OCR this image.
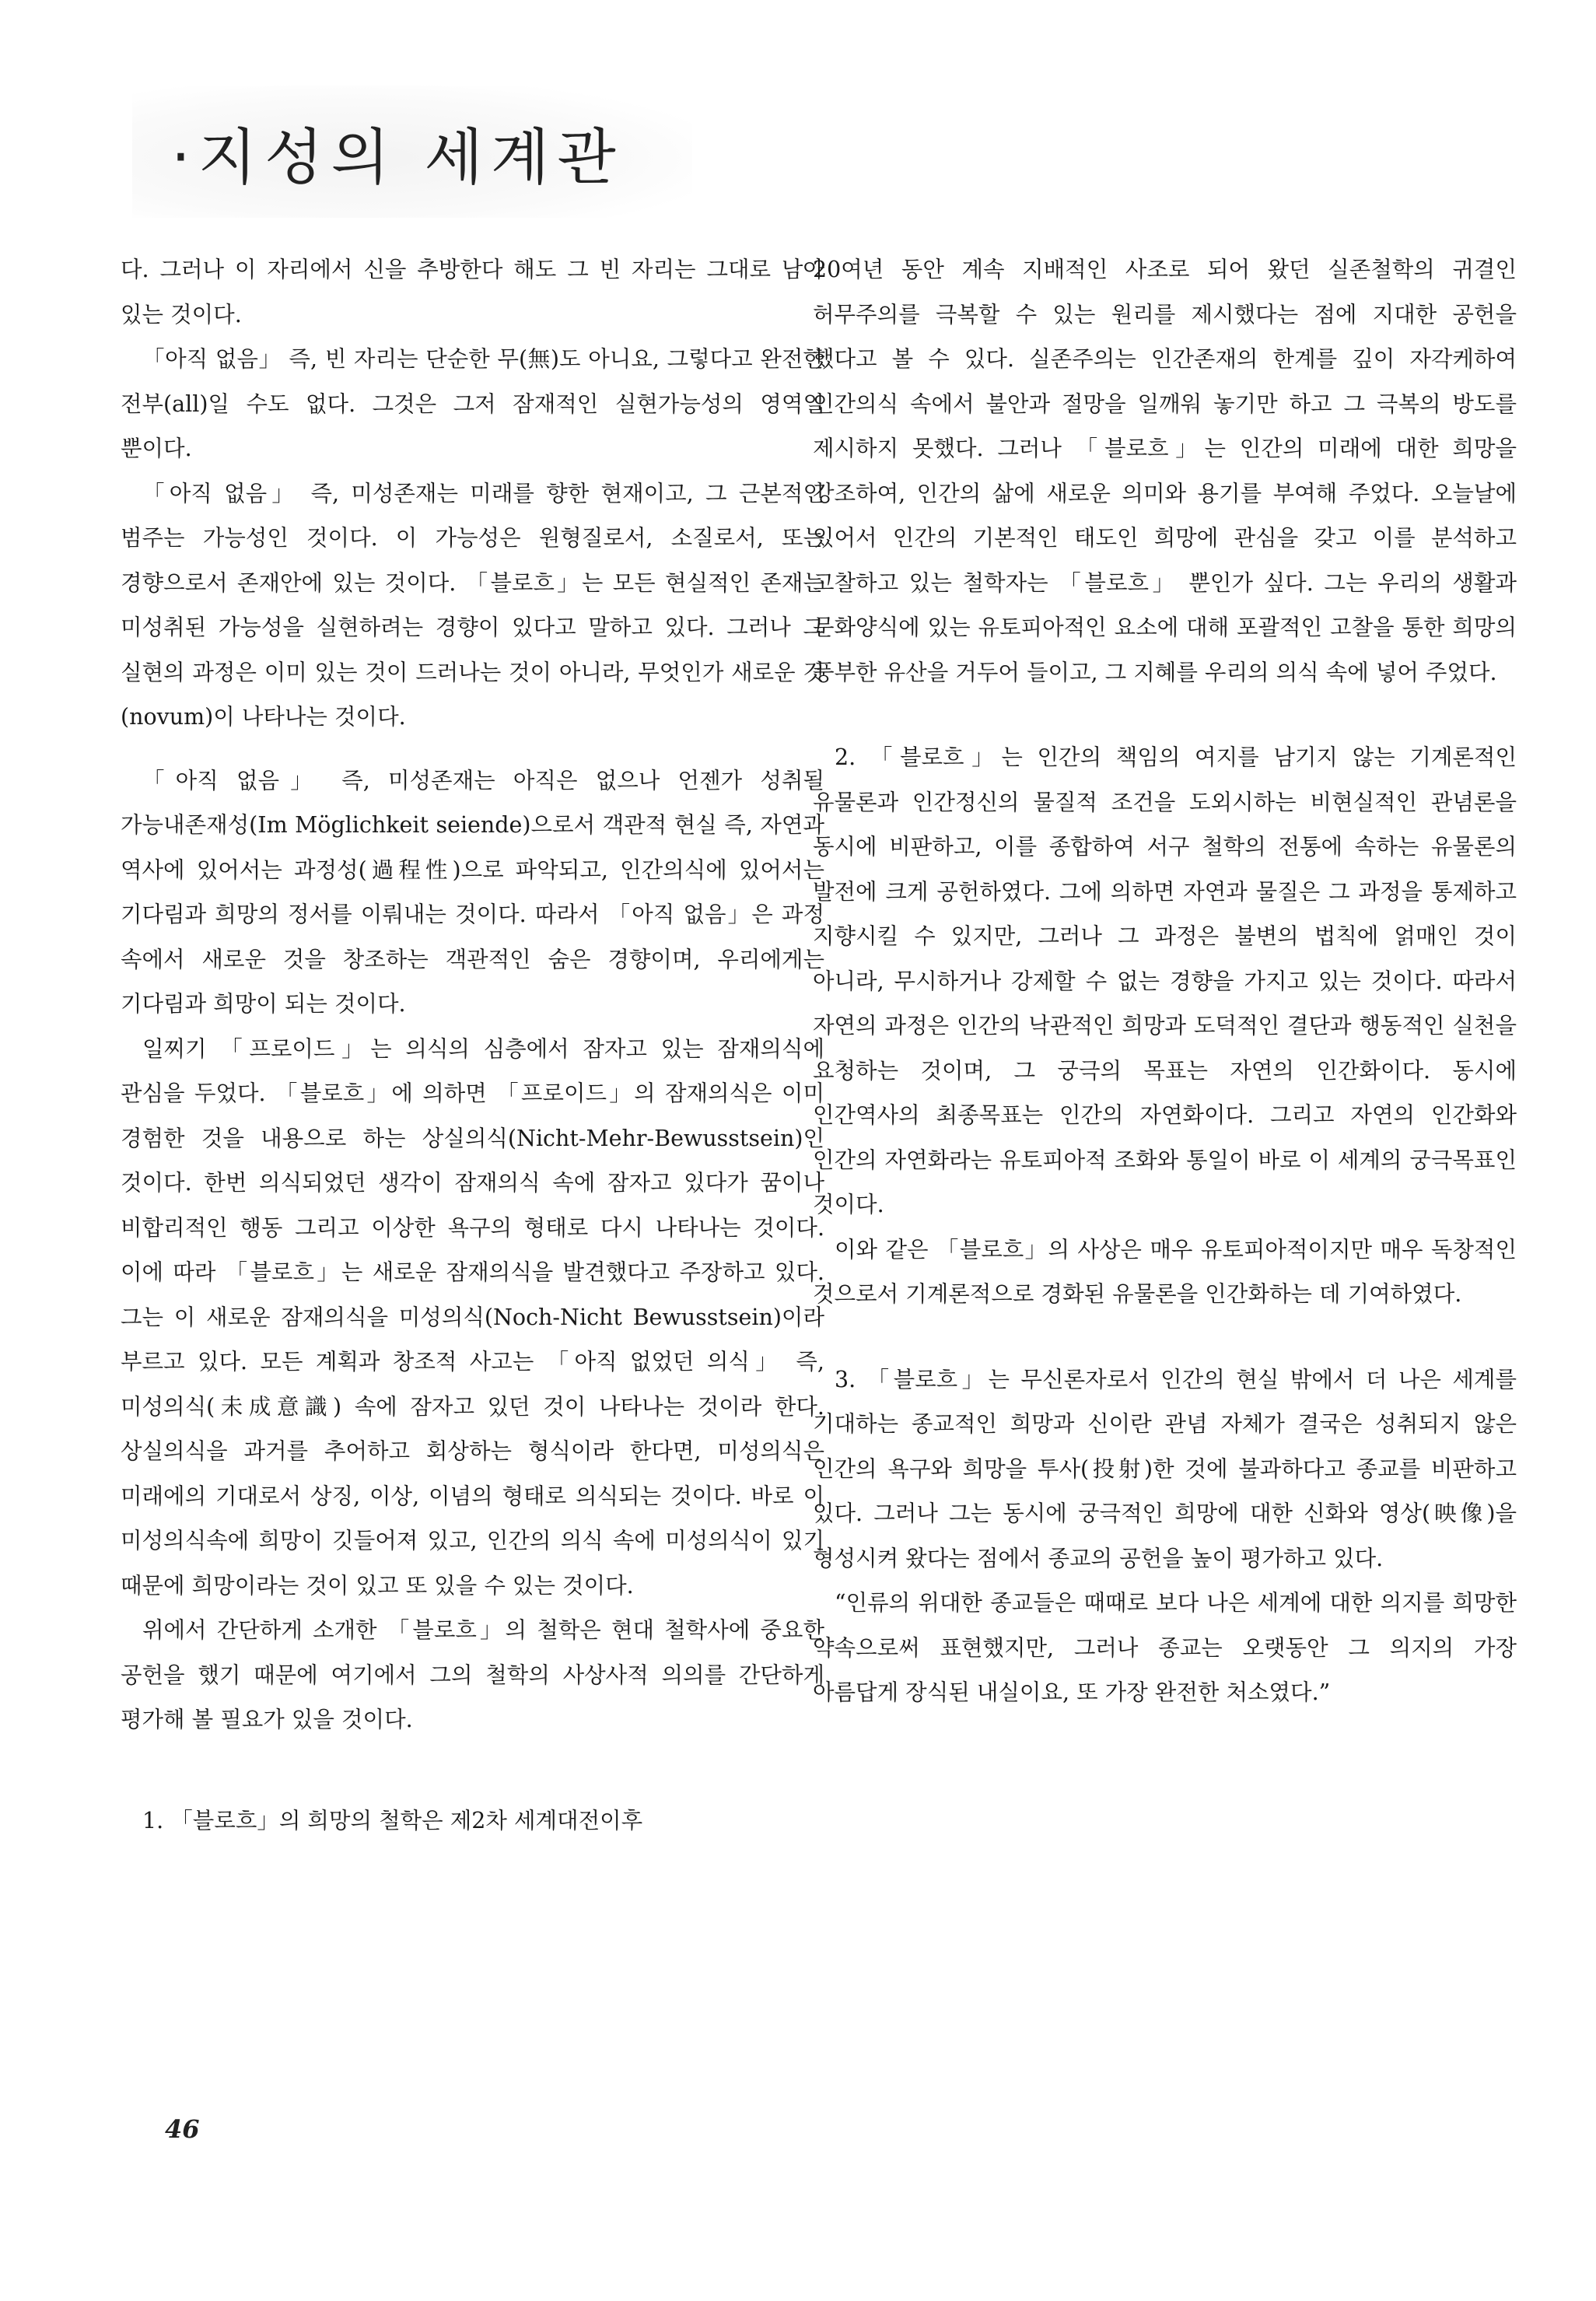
·지성의 세계관

다. 그러나 이 자리에서 신을 추방한다 해도 그 빈 자리는 그대로 남아 있는 것이다.

「아직 없음」 즉, 빈 자리는 단순한 무(無)도 아니요, 그렇다고 완전한 전부(all)일 수도 없다. 그것은 그저 잠재적인 실현가능성의 영역일 뿐이다.

「아직 없음」 즉, 미성존재는 미래를 향한 현재이고, 그 근본적인 범주는 가능성인 것이다. 이 가능성은 원형질로서, 소질로서, 또는 경향으로서 존재안에 있는 것이다. 「블로흐」는 모든 현실적인 존재는 미성취된 가능성을 실현하려는 경향이 있다고 말하고 있다. 그러나 그 실현의 과정은 이미 있는 것이 드러나는 것이 아니라, 무엇인가 새로운 것(novum)이 나타나는 것이다.

「아직 없음」 즉, 미성존재는 아직은 없으나 언젠가 성취될 가능내존재성(Im Möglichkeit seiende)으로서 객관적 현실 즉, 자연과 역사에 있어서는 과정성(過程性)으로 파악되고, 인간의식에 있어서는 기다림과 희망의 정서를 이뤄내는 것이다. 따라서 「아직 없음」은 과정 속에서 새로운 것을 창조하는 객관적인 숨은 경향이며, 우리에게는 기다림과 희망이 되는 것이다.

일찌기 「프로이드」는 의식의 심층에서 잠자고 있는 잠재의식에 관심을 두었다. 「블로흐」에 의하면 「프로이드」의 잠재의식은 이미 경험한 것을 내용으로 하는 상실의식(Nicht-Mehr-Bewusstsein)인 것이다. 한번 의식되었던 생각이 잠재의식 속에 잠자고 있다가 꿈이나 비합리적인 행동 그리고 이상한 욕구의 형태로 다시 나타나는 것이다. 이에 따라 「블로흐」는 새로운 잠재의식을 발견했다고 주장하고 있다. 그는 이 새로운 잠재의식을 미성의식(Noch-Nicht Bewusstsein)이라 부르고 있다. 모든 계획과 창조적 사고는 「아직 없었던 의식」 즉, 미성의식(未成意識) 속에 잠자고 있던 것이 나타나는 것이라 한다. 상실의식을 과거를 추어하고 회상하는 형식이라 한다면, 미성의식은 미래에의 기대로서 상징, 이상, 이념의 형태로 의식되는 것이다. 바로 이 미성의식속에 희망이 깃들어져 있고, 인간의 의식 속에 미성의식이 있기 때문에 희망이라는 것이 있고 또 있을 수 있는 것이다.

위에서 간단하게 소개한 「블로흐」의 철학은 현대 철학사에 중요한 공헌을 했기 때문에 여기에서 그의 철학의 사상사적 의의를 간단하게 평가해 볼 필요가 있을 것이다.

1. 「블로흐」의 희망의 철학은 제2차 세계대전이후

20여년 동안 계속 지배적인 사조로 되어 왔던 실존철학의 귀결인 허무주의를 극복할 수 있는 원리를 제시했다는 점에 지대한 공헌을 했다고 볼 수 있다. 실존주의는 인간존재의 한계를 깊이 자각케하여 인간의식 속에서 불안과 절망을 일깨워 놓기만 하고 그 극복의 방도를 제시하지 못했다. 그러나 「블로흐」는 인간의 미래에 대한 희망을 강조하여, 인간의 삶에 새로운 의미와 용기를 부여해 주었다. 오늘날에 있어서 인간의 기본적인 태도인 희망에 관심을 갖고 이를 분석하고 고찰하고 있는 철학자는 「블로흐」 뿐인가 싶다. 그는 우리의 생활과 문화양식에 있는 유토피아적인 요소에 대해 포괄적인 고찰을 통한 희망의 풍부한 유산을 거두어 들이고, 그 지혜를 우리의 의식 속에 넣어 주었다.

2. 「블로흐」는 인간의 책임의 여지를 남기지 않는 기계론적인 유물론과 인간정신의 물질적 조건을 도외시하는 비현실적인 관념론을 동시에 비판하고, 이를 종합하여 서구 철학의 전통에 속하는 유물론의 발전에 크게 공헌하였다. 그에 의하면 자연과 물질은 그 과정을 통제하고 지향시킬 수 있지만, 그러나 그 과정은 불변의 법칙에 얽매인 것이 아니라, 무시하거나 강제할 수 없는 경향을 가지고 있는 것이다. 따라서 자연의 과정은 인간의 낙관적인 희망과 도덕적인 결단과 행동적인 실천을 요청하는 것이며, 그 궁극의 목표는 자연의 인간화이다. 동시에 인간역사의 최종목표는 인간의 자연화이다. 그리고 자연의 인간화와 인간의 자연화라는 유토피아적 조화와 통일이 바로 이 세계의 궁극목표인 것이다.

이와 같은 「블로흐」의 사상은 매우 유토피아적이지만 매우 독창적인 것으로서 기계론적으로 경화된 유물론을 인간화하는 데 기여하였다.

3. 「블로흐」는 무신론자로서 인간의 현실 밖에서 더 나은 세계를 기대하는 종교적인 희망과 신이란 관념 자체가 결국은 성취되지 않은 인간의 욕구와 희망을 투사(投射)한 것에 불과하다고 종교를 비판하고 있다. 그러나 그는 동시에 궁극적인 희망에 대한 신화와 영상(映像)을 형성시켜 왔다는 점에서 종교의 공헌을 높이 평가하고 있다.

“인류의 위대한 종교들은 때때로 보다 나은 세계에 대한 의지를 희망한 약속으로써 표현했지만, 그러나 종교는 오랫동안 그 의지의 가장 아름답게 장식된 내실이요, 또 가장 완전한 처소였다.”

46
